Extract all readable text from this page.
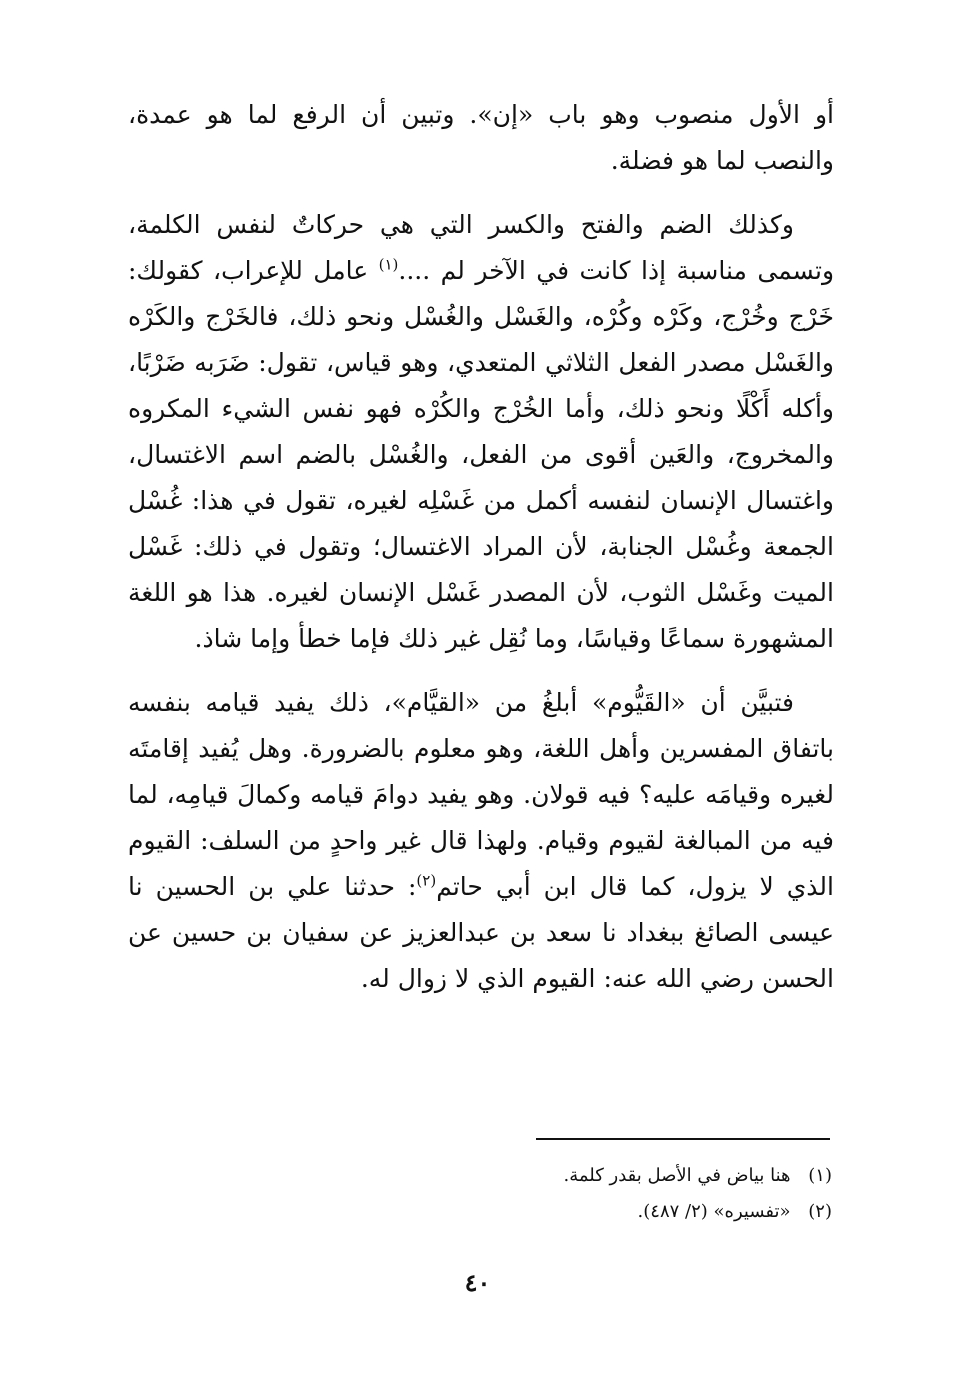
أو الأول منصوب وهو باب «إن». وتبين أن الرفع لما هو عمدة، والنصب لما هو فضلة.

وكذلك الضم والفتح والكسر التي هي حركاتٌ لنفس الكلمة، وتسمى مناسبة إذا كانت في الآخر لم ....$^{(١)}$ عامل للإعراب، كقولك: خَرْج وخُرْج، وكَرْه وكُرْه، والغَسْل والغُسْل ونحو ذلك، فالخَرْج والكَرْه والغَسْل مصدر الفعل الثلاثي المتعدي، وهو قياس، تقول: ضَرَبه ضَرْبًا، وأكله أَكْلًا ونحو ذلك، وأما الخُرْج والكُرْه فهو نفس الشيء المكروه والمخروج، والعَين أقوى من الفعل، والغُسْل بالضم اسم الاغتسال، واغتسال الإنسان لنفسه أكمل من غَسْلِه لغيره، تقول في هذا: غُسْل الجمعة وغُسْل الجنابة، لأن المراد الاغتسال؛ وتقول في ذلك: غَسْل الميت وغَسْل الثوب، لأن المصدر غَسْل الإنسان لغيره. هذا هو اللغة المشهورة سماعًا وقياسًا، وما نُقِل غير ذلك فإما خطأ وإما شاذ.

فتبيَّن أن «القَيُّوم» أبلغُ من «القيَّام»، ذلك يفيد قيامه بنفسه باتفاق المفسرين وأهل اللغة، وهو معلوم بالضرورة. وهل يُفيد إقامتَه لغيره وقيامَه عليه؟ فيه قولان. وهو يفيد دوامَ قيامه وكمالَ قيامِه، لما فيه من المبالغة لقيوم وقيام. ولهذا قال غير واحدٍ من السلف: القيوم الذي لا يزول، كما قال ابن أبي حاتم$^{(٢)}$: حدثنا علي بن الحسين نا عيسى الصائغ ببغداد نا سعد بن عبدالعزيز عن سفيان بن حسين عن الحسن رضي الله عنه: القيوم الذي لا زوال له.

(١) هنا بياض في الأصل بقدر كلمة.

(٢) «تفسيره» (٢/ ٤٨٧).

٤٠
